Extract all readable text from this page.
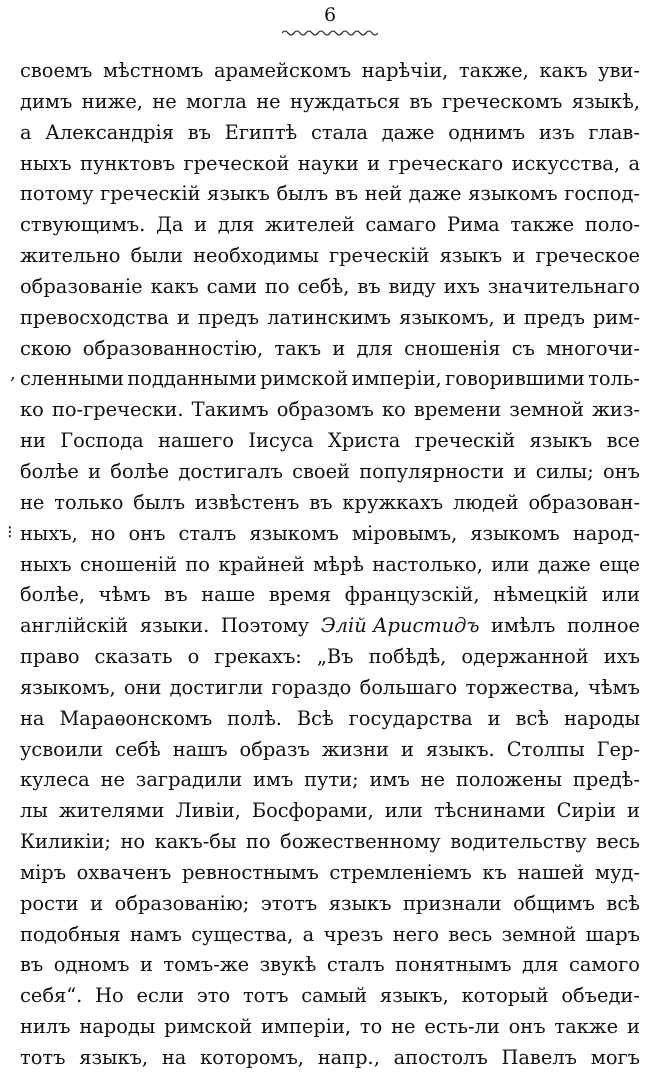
6
своемъ мѣстномъ арамейскомъ нарѣчіи, также, какъ уви-
димъ ниже, не могла не нуждаться въ греческомъ языкѣ,
а Александрія въ Египтѣ стала даже однимъ изъ глав-
ныхъ пунктовъ греческой науки и греческаго искусства, а
потому греческій языкъ былъ въ ней даже языкомъ господ-
ствующимъ. Да и для жителей самаго Рима также поло-
жительно были необходимы греческій языкъ и греческое
образованіе какъ сами по себѣ, въ виду ихъ значительнаго
превосходства и предъ латинскимъ языкомъ, и предъ рим-
скою образованностію, такъ и для сношенія съ многочи-
сленными подданными римской имперіи, говорившими толь-
ко по-гречески. Такимъ образомъ ко времени земной жиз-
ни Господа нашего Іисуса Христа греческій языкъ все
болѣе и болѣе достигалъ своей популярности и силы; онъ
не только былъ извѣстенъ въ кружкахъ людей образован-
ныхъ, но онъ сталъ языкомъ міровымъ, языкомъ народ-
ныхъ сношеній по крайней мѣрѣ настолько, или даже еще
болѣе, чѣмъ въ наше время французскій, нѣмецкій или
англійскій языки. Поэтому Элій Аристидъ имѣлъ полное
право сказать о грекахъ: „Въ побѣдѣ, одержанной ихъ
языкомъ, они достигли гораздо большаго торжества, чѣмъ
на Мараѳонскомъ полѣ. Всѣ государства и всѣ народы
усвоили себѣ нашъ образъ жизни и языкъ. Столпы Гер-
кулеса не заградили имъ пути; имъ не положены предѣ-
лы жителями Ливіи, Босфорами, или тѣснинами Сиріи и
Киликіи; но какъ-бы по божественному водительству весь
міръ охваченъ ревностнымъ стремленіемъ къ нашей муд-
рости и образованію; этотъ языкъ признали общимъ всѣ
подобныя намъ существа, а чрезъ него весь земной шаръ
въ одномъ и томъ-же звукѣ сталъ понятнымъ для самого
себя“. Но если это тотъ самый языкъ, который объеди-
нилъ народы римской имперіи, то не есть-ли онъ также и
тотъ языкъ, на которомъ, напр., апостолъ Павелъ могъ
,
⁝
